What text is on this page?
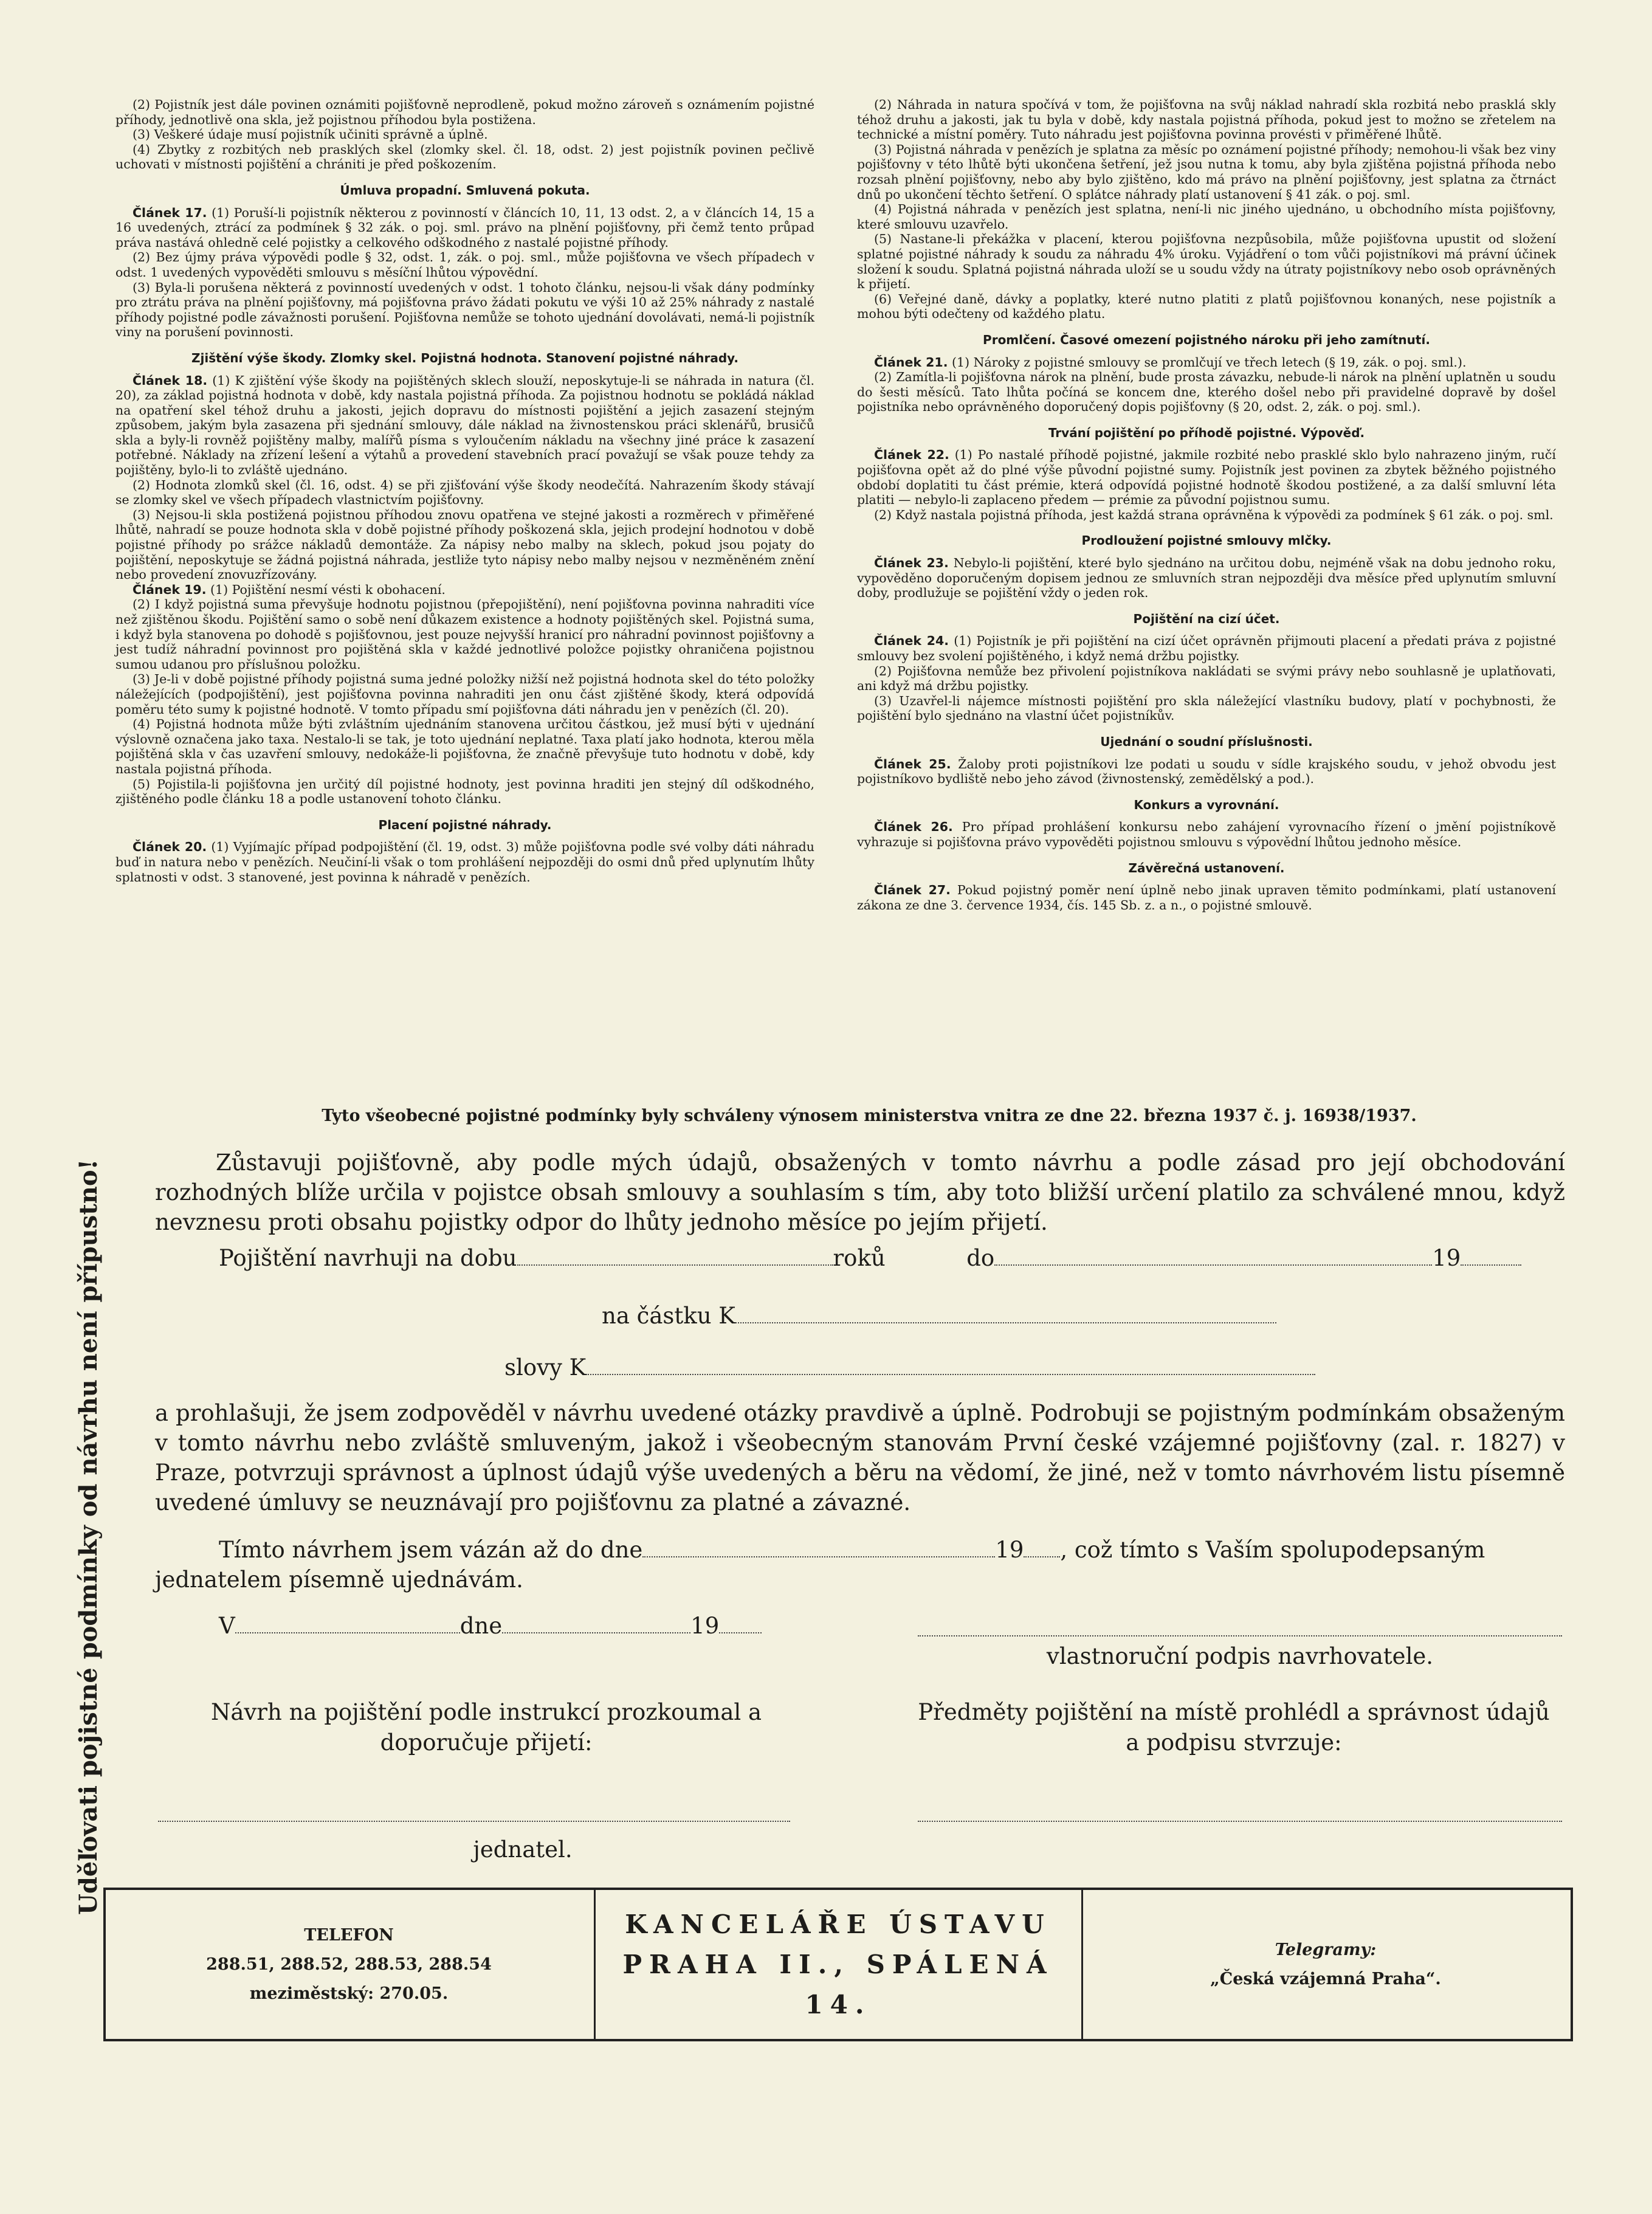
(2) Pojistník jest dále povinen oznámiti pojišťovně neprodleně, pokud možno zároveň s oznámením pojistné příhody, jednotlivě ona skla, jež pojistnou příhodou byla postižena.

(3) Veškeré údaje musí pojistník učiniti správně a úplně.

(4) Zbytky z rozbitých neb prasklých skel (zlomky skel. čl. 18, odst. 2) jest pojistník povinen pečlivě uchovati v místnosti pojištění a chrániti je před poškozením.

Úmluva propadní. Smluvená pokuta.

Článek 17. (1) Poruší-li pojistník některou z povinností v článcích 10, 11, 13 odst. 2, a v článcích 14, 15 a 16 uvedených, ztrácí za podmínek § 32 zák. o poj. sml. právo na plnění pojišťovny, při čemž tento průpad práva nastává ohledně celé pojistky a celkového odškodného z nastalé pojistné příhody.

(2) Bez újmy práva výpovědi podle § 32, odst. 1, zák. o poj. sml., může pojišťovna ve všech případech v odst. 1 uvedených vypověděti smlouvu s měsíční lhůtou výpovědní.

(3) Byla-li porušena některá z povinností uvedených v odst. 1 tohoto článku, nejsou-li však dány podmínky pro ztrátu práva na plnění pojišťovny, má pojišťovna právo žádati pokutu ve výši 10 až 25% náhrady z nastalé příhody pojistné podle závažnosti porušení. Pojišťovna nemůže se tohoto ujednání dovolávati, nemá-li pojistník viny na porušení povinnosti.

Zjištění výše škody. Zlomky skel. Pojistná hodnota. Stanovení pojistné náhrady.

Článek 18. (1) K zjištění výše škody na pojištěných sklech slouží, neposkytuje-li se náhrada in natura (čl. 20), za základ pojistná hodnota v době, kdy nastala pojistná příhoda. Za pojistnou hodnotu se pokládá náklad na opatření skel téhož druhu a jakosti, jejich dopravu do místnosti pojištění a jejich zasazení stejným způsobem, jakým byla zasazena při sjednání smlouvy, dále náklad na živnostenskou práci sklenářů, brusičů skla a byly-li rovněž pojištěny malby, malířů písma s vyloučením nákladu na všechny jiné práce k zasazení potřebné. Náklady na zřízení lešení a výtahů a provedení stavebních prací považují se však pouze tehdy za pojištěny, bylo-li to zvláště ujednáno.

(2) Hodnota zlomků skel (čl. 16, odst. 4) se při zjišťování výše škody neodečítá. Nahrazením škody stávají se zlomky skel ve všech případech vlastnictvím pojišťovny.

(3) Nejsou-li skla postižená pojistnou příhodou znovu opatřena ve stejné jakosti a rozměrech v přiměřené lhůtě, nahradí se pouze hodnota skla v době pojistné příhody poškozená skla, jejich prodejní hodnotou v době pojistné příhody po srážce nákladů demontáže. Za nápisy nebo malby na sklech, pokud jsou pojaty do pojištění, neposkytuje se žádná pojistná náhrada, jestliže tyto nápisy nebo malby nejsou v nezměněném znění nebo provedení znovuzřízovány.

Článek 19. (1) Pojištění nesmí vésti k obohacení.

(2) I když pojistná suma převyšuje hodnotu pojistnou (přepojištění), není pojišťovna povinna nahraditi více než zjištěnou škodu. Pojištění samo o sobě není důkazem existence a hodnoty pojištěných skel. Pojistná suma, i když byla stanovena po dohodě s pojišťovnou, jest pouze nejvyšší hranicí pro náhradní povinnost pojišťovny a jest tudíž náhradní povinnost pro pojištěná skla v každé jednotlivé položce pojistky ohraničena pojistnou sumou udanou pro příslušnou položku.

(3) Je-li v době pojistné příhody pojistná suma jedné položky nižší než pojistná hodnota skel do této položky náležejících (podpojištění), jest pojišťovna povinna nahraditi jen onu část zjištěné škody, která odpovídá poměru této sumy k pojistné hodnotě. V tomto případu smí pojišťovna dáti náhradu jen v penězích (čl. 20).

(4) Pojistná hodnota může býti zvláštním ujednáním stanovena určitou částkou, jež musí býti v ujednání výslovně označena jako taxa. Nestalo-li se tak, je toto ujednání neplatné. Taxa platí jako hodnota, kterou měla pojištěná skla v čas uzavření smlouvy, nedokáže-li pojišťovna, že značně převyšuje tuto hodnotu v době, kdy nastala pojistná příhoda.

(5) Pojistila-li pojišťovna jen určitý díl pojistné hodnoty, jest povinna hraditi jen stejný díl odškodného, zjištěného podle článku 18 a podle ustanovení tohoto článku.

Placení pojistné náhrady.

Článek 20. (1) Vyjímajíc případ podpojištění (čl. 19, odst. 3) může pojišťovna podle své volby dáti náhradu buď in natura nebo v penězích. Neučiní-li však o tom prohlášení nejpozději do osmi dnů před uplynutím lhůty splatnosti v odst. 3 stanovené, jest povinna k náhradě v penězích.

(2) Náhrada in natura spočívá v tom, že pojišťovna na svůj náklad nahradí skla rozbitá nebo prasklá skly téhož druhu a jakosti, jak tu byla v době, kdy nastala pojistná příhoda, pokud jest to možno se zřetelem na technické a místní poměry. Tuto náhradu jest pojišťovna povinna provésti v přiměřené lhůtě.

(3) Pojistná náhrada v penězích je splatna za měsíc po oznámení pojistné příhody; nemohou-li však bez viny pojišťovny v této lhůtě býti ukončena šetření, jež jsou nutna k tomu, aby byla zjištěna pojistná příhoda nebo rozsah plnění pojišťovny, nebo aby bylo zjištěno, kdo má právo na plnění pojišťovny, jest splatna za čtrnáct dnů po ukončení těchto šetření. O splátce náhrady platí ustanovení § 41 zák. o poj. sml.

(4) Pojistná náhrada v penězích jest splatna, není-li nic jiného ujednáno, u obchodního místa pojišťovny, které smlouvu uzavřelo.

(5) Nastane-li překážka v placení, kterou pojišťovna nezpůsobila, může pojišťovna upustit od složení splatné pojistné náhrady k soudu za náhradu 4% úroku. Vyjádření o tom vůči pojistníkovi má právní účinek složení k soudu. Splatná pojistná náhrada uloží se u soudu vždy na útraty pojistníkovy nebo osob oprávněných k přijetí.

(6) Veřejné daně, dávky a poplatky, které nutno platiti z platů pojišťovnou konaných, nese pojistník a mohou býti odečteny od každého platu.

Promlčení. Časové omezení pojistného nároku při jeho zamítnutí.

Článek 21. (1) Nároky z pojistné smlouvy se promlčují ve třech letech (§ 19, zák. o poj. sml.).

(2) Zamítla-li pojišťovna nárok na plnění, bude prosta závazku, nebude-li nárok na plnění uplatněn u soudu do šesti měsíců. Tato lhůta počíná se koncem dne, kterého došel nebo při pravidelné dopravě by došel pojistníka nebo oprávněného doporučený dopis pojišťovny (§ 20, odst. 2, zák. o poj. sml.).

Trvání pojištění po příhodě pojistné. Výpověď.

Článek 22. (1) Po nastalé příhodě pojistné, jakmile rozbité nebo prasklé sklo bylo nahrazeno jiným, ručí pojišťovna opět až do plné výše původní pojistné sumy. Pojistník jest povinen za zbytek běžného pojistného období doplatiti tu část prémie, která odpovídá pojistné hodnotě škodou postižené, a za další smluvní léta platiti — nebylo-li zaplaceno předem — prémie za původní pojistnou sumu.

(2) Když nastala pojistná příhoda, jest každá strana oprávněna k výpovědi za podmínek § 61 zák. o poj. sml.

Prodloužení pojistné smlouvy mlčky.

Článek 23. Nebylo-li pojištění, které bylo sjednáno na určitou dobu, nejméně však na dobu jednoho roku, vypověděno doporučeným dopisem jednou ze smluvních stran nejpozději dva měsíce před uplynutím smluvní doby, prodlužuje se pojištění vždy o jeden rok.

Pojištění na cizí účet.

Článek 24. (1) Pojistník je při pojištění na cizí účet oprávněn přijmouti placení a předati práva z pojistné smlouvy bez svolení pojištěného, i když nemá držbu pojistky.

(2) Pojišťovna nemůže bez přivolení pojistníkova nakládati se svými právy nebo souhlasně je uplatňovati, ani když má držbu pojistky.

(3) Uzavřel-li nájemce místnosti pojištění pro skla náležející vlastníku budovy, platí v pochybnosti, že pojištění bylo sjednáno na vlastní účet pojistníkův.

Ujednání o soudní příslušnosti.

Článek 25. Žaloby proti pojistníkovi lze podati u soudu v sídle krajského soudu, v jehož obvodu jest pojistníkovo bydliště nebo jeho závod (živnostenský, zemědělský a pod.).

Konkurs a vyrovnání.

Článek 26. Pro případ prohlášení konkursu nebo zahájení vyrovnacího řízení o jmění pojistníkově vyhrazuje si pojišťovna právo vypověděti pojistnou smlouvu s výpovědní lhůtou jednoho měsíce.

Závěrečná ustanovení.

Článek 27. Pokud pojistný poměr není úplně nebo jinak upraven těmito podmínkami, platí ustanovení zákona ze dne 3. července 1934, čís. 145 Sb. z. a n., o pojistné smlouvě.

Tyto všeobecné pojistné podmínky byly schváleny výnosem ministerstva vnitra ze dne 22. března 1937 č. j. 16938/1937.

Zůstavuji pojišťovně, aby podle mých údajů, obsažených v tomto návrhu a podle zásad pro její obchodování rozhodných blíže určila v pojistce obsah smlouvy a souhlasím s tím, aby toto bližší určení platilo za schválené mnou, když nevznesu proti obsahu pojistky odpor do lhůty jednoho měsíce po jejím přijetí.

Pojištění navrhuji na dobu	roků	do	19
na částku K
slovy K

a prohlašuji, že jsem zodpověděl v návrhu uvedené otázky pravdivě a úplně. Podrobuji se pojistným podmínkám obsaženým v tomto návrhu nebo zvláště smluveným, jakož i všeobecným stanovám První české vzájemné pojišťovny (zal. r. 1827) v Praze, potvrzuji správnost a úplnost údajů výše uvedených a běru na vědomí, že jiné, než v tomto návrhovém listu písemně uvedené úmluvy se neuznávají pro pojišťovnu za platné a závazné.

Tímto návrhem jsem vázán až do dne	19 , což tímto s Vaším spolupodepsaným

jednatelem písemně ujednávám.

V	dne	19
vlastnoruční podpis navrhovatele.
Návrh na pojištění podle instrukcí prozkoumal a doporučuje přijetí:
Předměty pojištění na místě prohlédl a správnost údajů a podpisu stvrzuje:
jednatel.
Uděľovati pojistné podmínky od návrhu není přípustno!
TELEFON
288.51, 288.52, 288.53, 288.54
meziměstský: 270.05.
KANCELÁŘE ÚSTAVU
PRAHA II., SPÁLENÁ 14.
Telegramy:
„Česká vzájemná Praha“.
